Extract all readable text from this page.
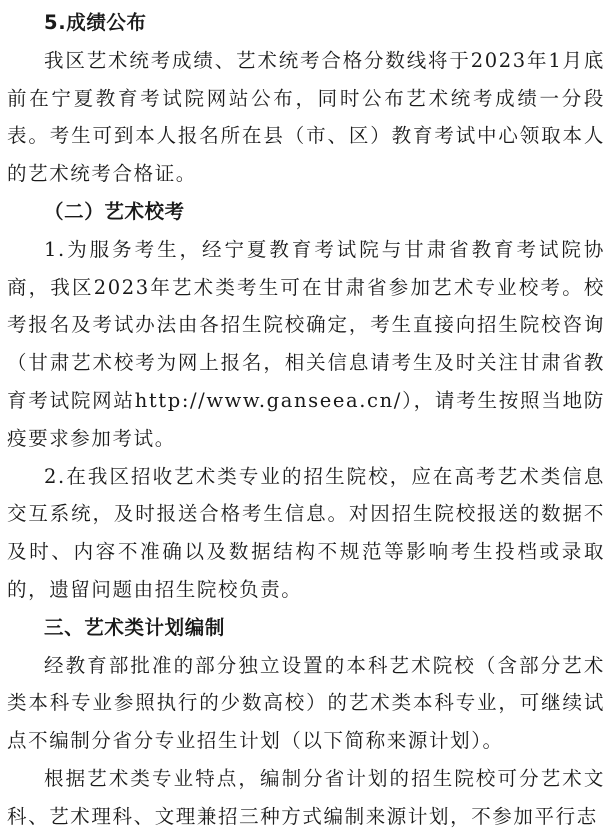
5.成绩公布

我区艺术统考成绩、艺术统考合格分数线将于2023年1月底前在宁夏教育考试院网站公布，同时公布艺术统考成绩一分段表。考生可到本人报名所在县（市、区）教育考试中心领取本人的艺术统考合格证。

（二）艺术校考

1.为服务考生，经宁夏教育考试院与甘肃省教育考试院协商，我区2023年艺术类考生可在甘肃省参加艺术专业校考。校考报名及考试办法由各招生院校确定，考生直接向招生院校咨询（甘肃艺术校考为网上报名，相关信息请考生及时关注甘肃省教育考试院网站http://www.ganseea.cn/），请考生按照当地防疫要求参加考试。

2.在我区招收艺术类专业的招生院校，应在高考艺术类信息交互系统，及时报送合格考生信息。对因招生院校报送的数据不及时、内容不准确以及数据结构不规范等影响考生投档或录取的，遗留问题由招生院校负责。

三、艺术类计划编制

经教育部批准的部分独立设置的本科艺术院校（含部分艺术类本科专业参照执行的少数高校）的艺术类本科专业，可继续试点不编制分省分专业招生计划（以下简称来源计划）。

根据艺术类专业特点，编制分省计划的招生院校可分艺术文科、艺术理科、文理兼招三种方式编制来源计划，不参加平行志
